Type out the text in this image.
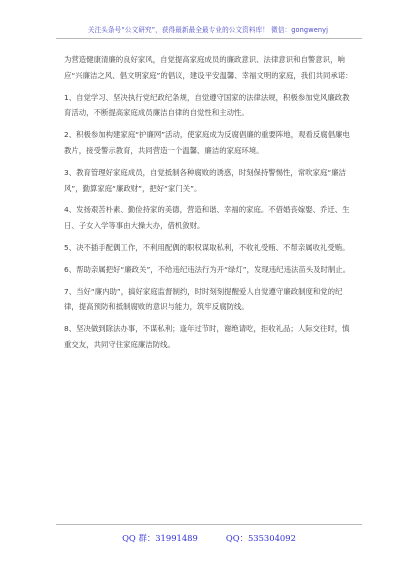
关注头条号“公文研究”，获得最新最全最专业的公文资料库！ 微信：gongwenyj

为营造健康清廉的良好家风，自觉提高家庭成员的廉政意识、法律意识和自警意识，响应“兴廉洁之风、倡文明家庭”的倡议，建设平安温馨、幸福文明的家庭，我们共同承诺：

1、自觉学习、坚决执行党纪政纪条规，自觉遵守国家的法律法规，积极参加党风廉政教育活动，不断提高家庭成员廉洁自律的自觉性和主动性。

2、积极参加构建家庭“护廉网”活动，使家庭成为反腐倡廉的重要阵地，观看反腐倡廉电教片，接受警示教育，共同营造一个温馨、廉洁的家庭环境。

3、教育管理好家庭成员，自觉抵制各种腐败的诱惑，时刻保持警惕性，常吹家庭“廉洁风”，勤算家庭“廉政财”，把好“家门关”。

4、发扬艰苦朴素、勤俭持家的美德，营造和谐、幸福的家庭。不借婚丧嫁娶、乔迁、生日、子女入学等事由大操大办，借机敛财。

5、决不插手配偶工作，不利用配偶的职权谋取私利，不收礼受贿、不帮亲属收礼受贿。

6、帮助亲属把好“廉政关”，不给违纪违法行为开“绿灯”，发现违纪违法苗头及时制止。

7、当好“廉内助”，搞好家庭监督制约，时时刻刻提醒爱人自觉遵守廉政制度和党的纪律，提高预防和抵制腐败的意识与能力，筑牢反腐防线。

8、坚决做到除法办事，不谋私利；逢年过节时，谢绝请吃，拒收礼品；人际交往时，慎重交友，共同守住家庭廉洁防线。

QQ 群：31991489	QQ：535304092
